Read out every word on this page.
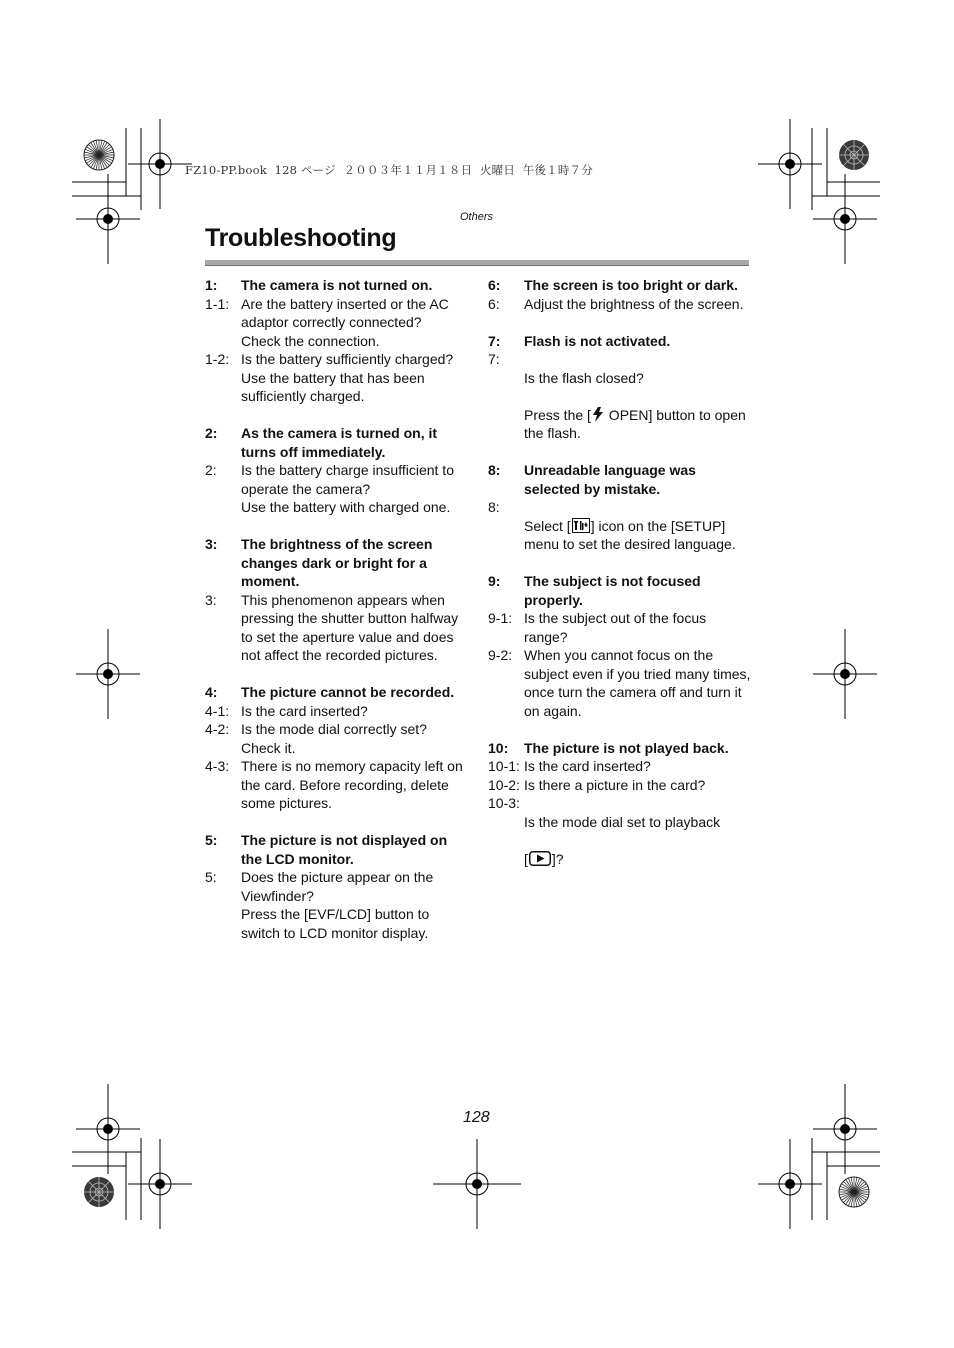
FZ10-PP.book  128 ページ  ２００３年１１月１８日  火曜日  午後１時７分
Others
Troubleshooting
1:	The camera is not turned on.
1-1: Are the battery inserted or the AC adaptor correctly connected?
Check the connection.
1-2: Is the battery sufficiently charged?
Use the battery that has been sufficiently charged.
2:	As the camera is turned on, it turns off immediately.
2:	Is the battery charge insufficient to operate the camera?
Use the battery with charged one.
3:	The brightness of the screen changes dark or bright for a moment.
3:	This phenomenon appears when pressing the shutter button halfway to set the aperture value and does not affect the recorded pictures.
4:	The picture cannot be recorded.
4-1: Is the card inserted?
4-2: Is the mode dial correctly set?
Check it.
4-3: There is no memory capacity left on the card. Before recording, delete some pictures.
5:	The picture is not displayed on the LCD monitor.
5:	Does the picture appear on the Viewfinder?
Press the [EVF/LCD] button to switch to LCD monitor display.
6:	The screen is too bright or dark.
6:	Adjust the brightness of the screen.
7:	Flash is not activated.
7:

Is the flash closed?

Press the [ OPEN] button to open the flash.

8:	Unreadable language was selected by mistake.
8:

Select [ ] icon on the [SETUP] menu to set the desired language.

9:	The subject is not focused properly.
9-1: Is the subject out of the focus range?
9-2: When you cannot focus on the subject even if you tried many times, once turn the camera off and turn it on again.
10:	The picture is not played back.
10-1: Is the card inserted?
10-2: Is there a picture in the card?
10-3:

Is the mode dial set to playback

[ ]?

128
